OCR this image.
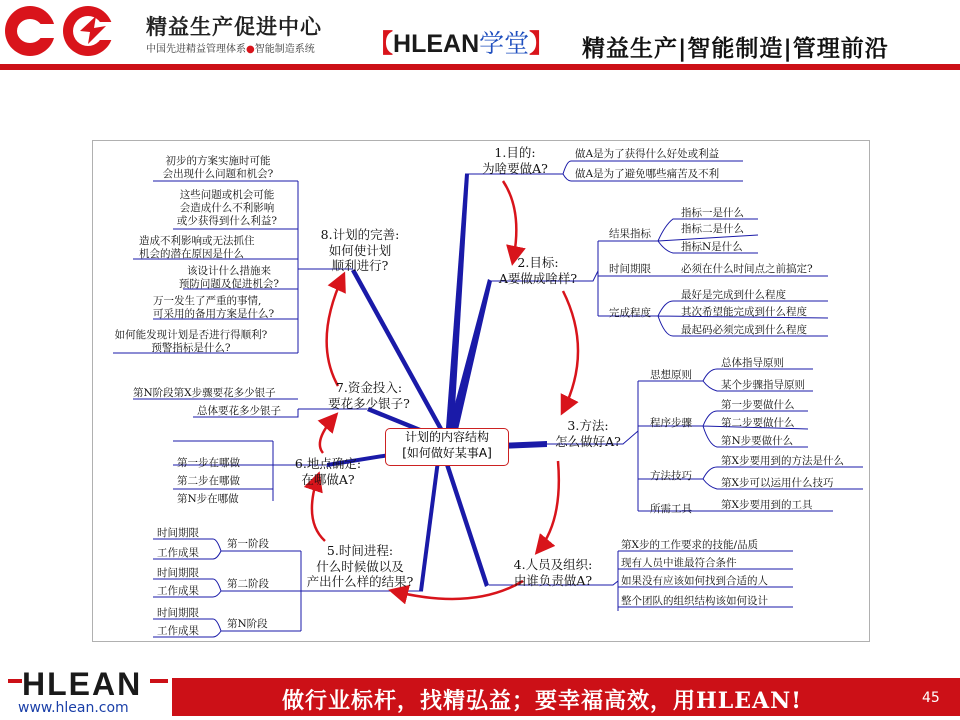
精益生产促进中心
中国先进精益管理体系●智能制造系统 【HLEAN学堂】 精益生产|智能制造|管理前沿
计划的内容结构
[如何做好某事A]
1.目的:
为啥要做A?
做A是为了获得什么好处或利益
做A是为了避免哪些痛苦及不利
2.目标:
A要做成啥样?
结果指标
指标一是什么
指标二是什么
指标N是什么
时间期限	必须在什么时间点之前搞定?
完成程度
最好是完成到什么程度
其次希望能完成到什么程度
最起码必须完成到什么程度
3.方法:
怎么做好A?
思想原则
总体指导原则
某个步骤指导原则
程序步骤
第一步要做什么
第二步要做什么
第N步要做什么
方法技巧
第X步要用到的方法是什么
第X步可以运用什么技巧
所需工具	第X步要用到的工具
4.人员及组织:
由谁负责做A?
第X步的工作要求的技能/品质
现有人员中谁最符合条件
如果没有应该如何找到合适的人
整个团队的组织结构该如何设计
5.时间进程:
什么时候做以及
产出什么样的结果?
第一阶段
时间期限
工作成果
第二阶段
时间期限
工作成果
第N阶段
时间期限
工作成果
6.地点确定:
在哪做A?
第一步在哪做
第二步在哪做
第N步在哪做
7.资金投入:
要花多少银子?
第N阶段第X步骤要花多少银子
总体要花多少银子
8.计划的完善:
如何使计划
顺利进行?
初步的方案实施时可能
会出现什么问题和机会?
这些问题或机会可能
会造成什么不利影响
或少获得到什么利益?
造成不利影响或无法抓住
机会的潜在原因是什么
该设计什么措施来
预防问题及促进机会?
万一发生了严重的事情,
可采用的备用方案是什么?
如何能发现计划是否进行得顺利?
预警指标是什么?
HLEAN
www.hlean.com	做行业标杆，找精弘益；要幸福高效，用HLEAN!	45
